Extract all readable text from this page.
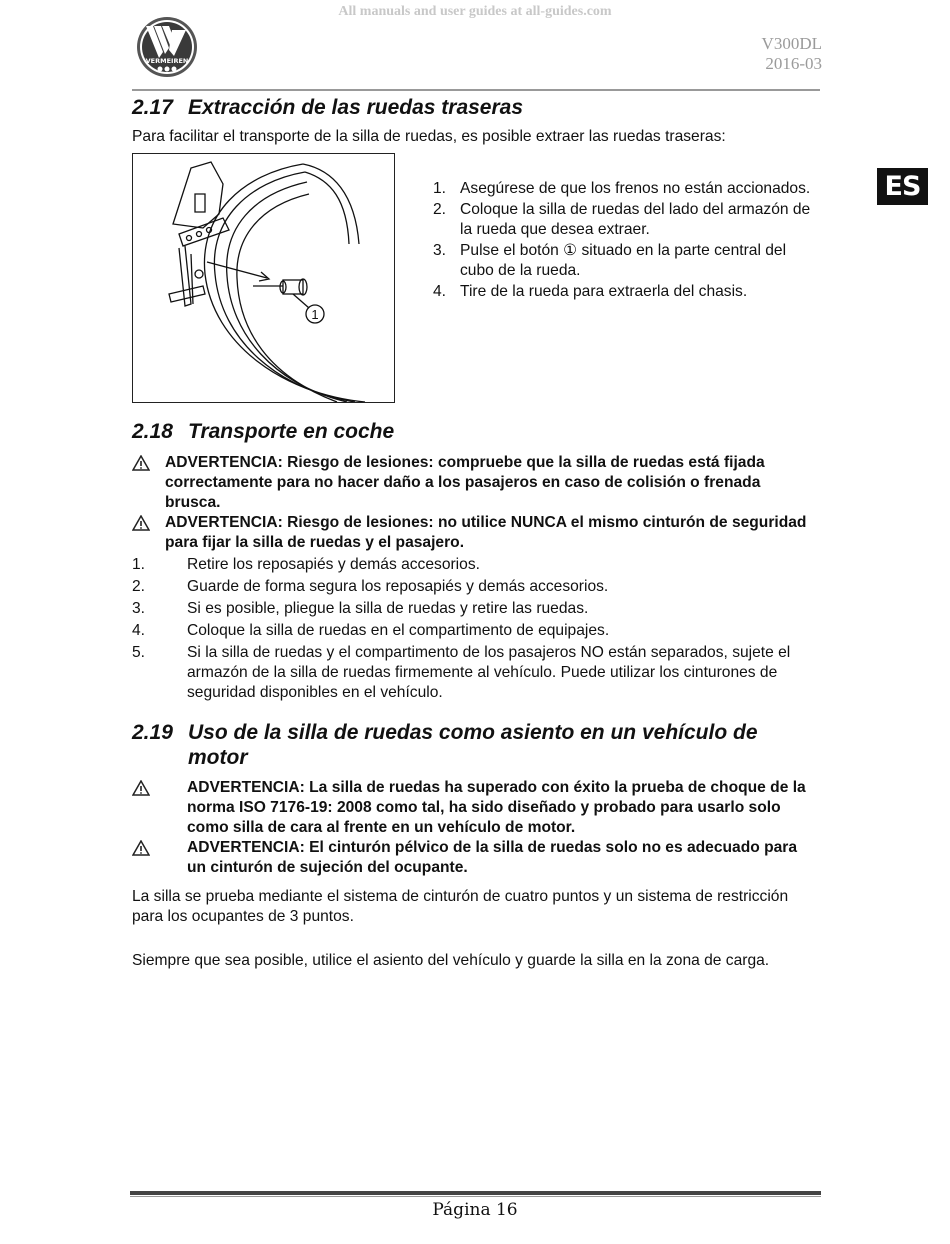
All manuals and user guides at all-guides.com
VERMEIREN
V300DL
2016-03
ES
2.17 Extracción de las ruedas traseras

Para facilitar el transporte de la silla de ruedas, es posible extraer las ruedas traseras:

1
1. Asegúrese de que los frenos no están accionados.
2. Coloque la silla de ruedas del lado del armazón de la rueda que desea extraer.
3. Pulse el botón ① situado en la parte central del cubo de la rueda.
4. Tire de la rueda para extraerla del chasis.
2.18 Transporte en coche
ADVERTENCIA: Riesgo de lesiones: compruebe que la silla de ruedas está fijada correctamente para no hacer daño a los pasajeros en caso de colisión o frenada brusca.
ADVERTENCIA: Riesgo de lesiones: no utilice NUNCA el mismo cinturón de seguridad para fijar la silla de ruedas y el pasajero.
1.	Retire los reposapiés y demás accesorios.
2.	Guarde de forma segura los reposapiés y demás accesorios.
3.	Si es posible, pliegue la silla de ruedas y retire las ruedas.
4.	Coloque la silla de ruedas en el compartimento de equipajes.
5.	Si la silla de ruedas y el compartimento de los pasajeros NO están separados, sujete el armazón de la silla de ruedas firmemente al vehículo. Puede utilizar los cinturones de seguridad disponibles en el vehículo.
2.19 Uso de la silla de ruedas como asiento en un vehículo de
motor
ADVERTENCIA: La silla de ruedas ha superado con éxito la prueba de choque de la norma ISO 7176-19: 2008 como tal, ha sido diseñado y probado para usarlo solo como silla de cara al frente en un vehículo de motor.
ADVERTENCIA: El cinturón pélvico de la silla de ruedas solo no es adecuado para un cinturón de sujeción del ocupante.

La silla se prueba mediante el sistema de cinturón de cuatro puntos y un sistema de restricción para los ocupantes de 3 puntos.

Siempre que sea posible, utilice el asiento del vehículo y guarde la silla en la zona de carga.

Página 16
